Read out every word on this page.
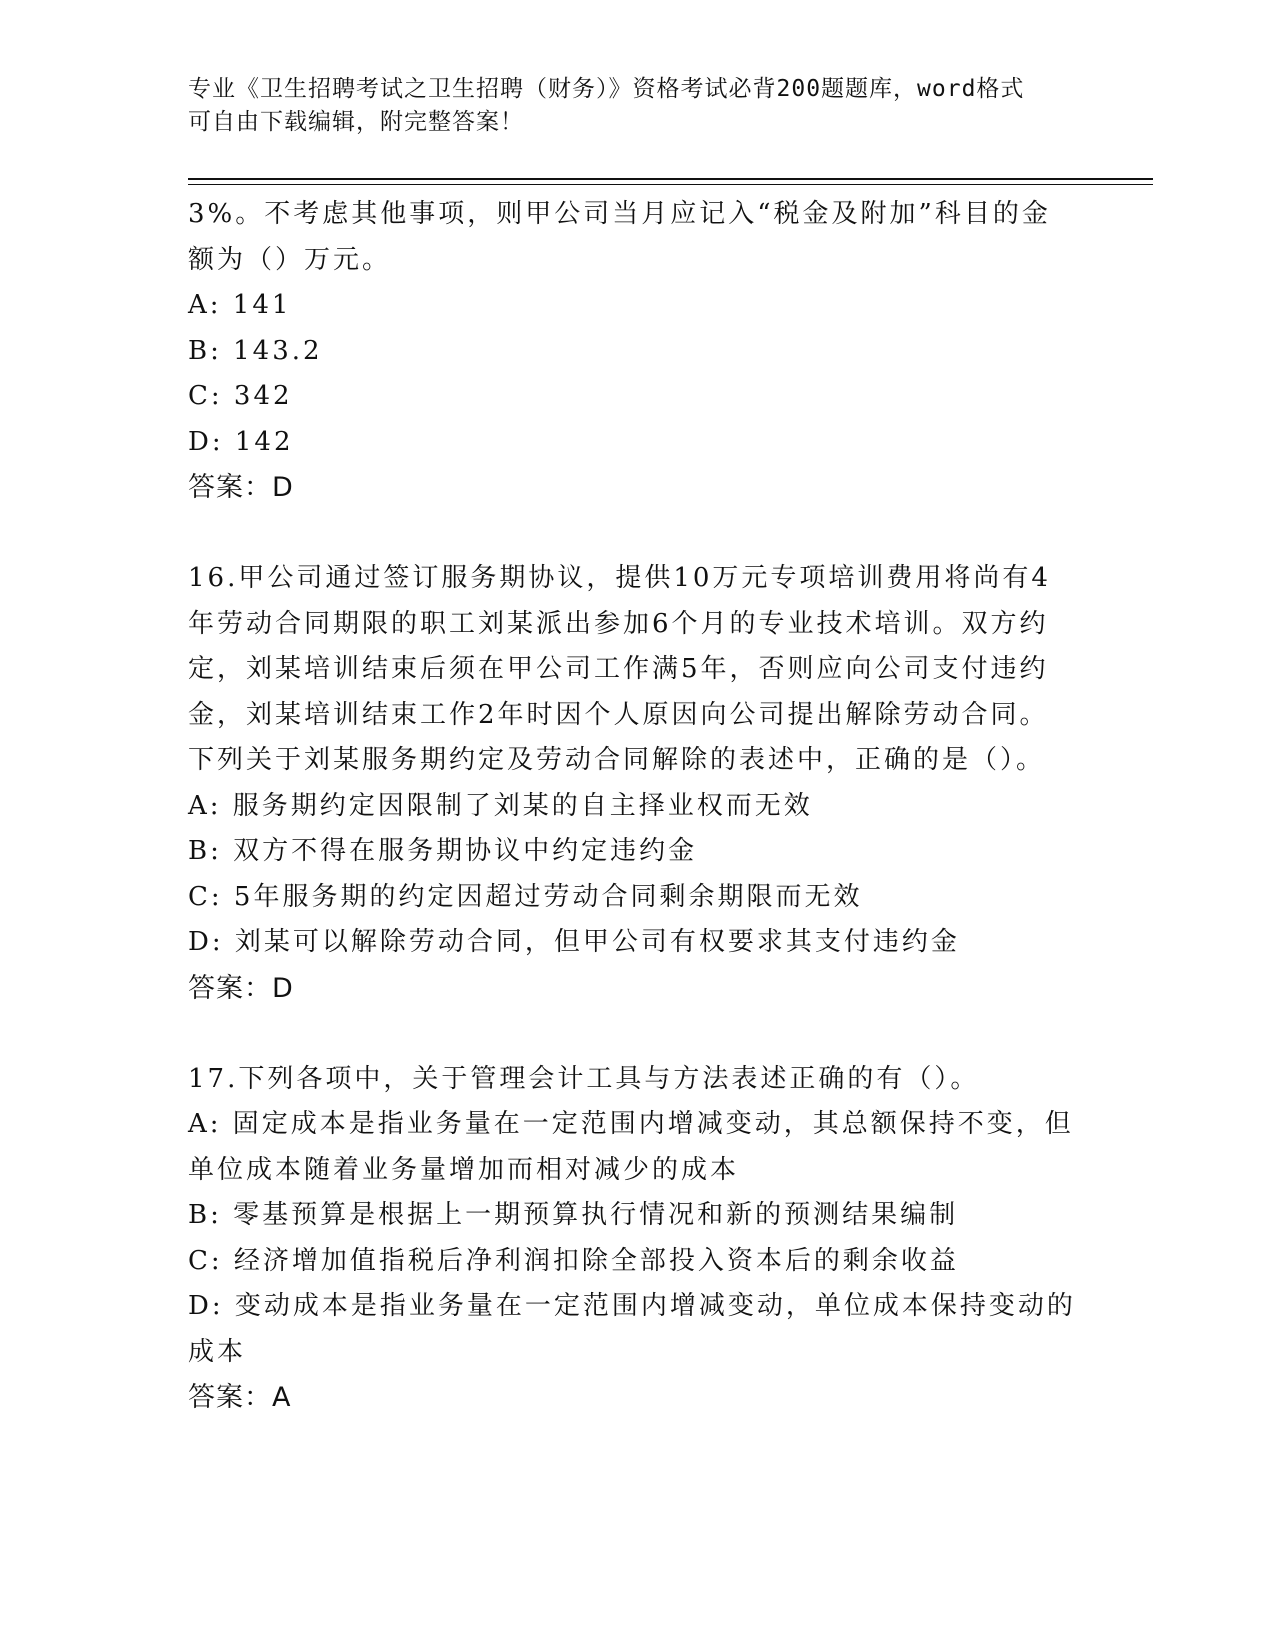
专业《卫生招聘考试之卫生招聘（财务）》资格考试必背200题题库，word格式
可自由下载编辑，附完整答案！
3%。不考虑其他事项，则甲公司当月应记入“税金及附加”科目的金
额为（）万元。
A: 141
B: 143.2
C: 342
D: 142
答案：D
16.甲公司通过签订服务期协议，提供10万元专项培训费用将尚有4
年劳动合同期限的职工刘某派出参加6个月的专业技术培训。双方约
定，刘某培训结束后须在甲公司工作满5年，否则应向公司支付违约
金，刘某培训结束工作2年时因个人原因向公司提出解除劳动合同。
下列关于刘某服务期约定及劳动合同解除的表述中，正确的是（）。
A: 服务期约定因限制了刘某的自主择业权而无效
B: 双方不得在服务期协议中约定违约金
C: 5年服务期的约定因超过劳动合同剩余期限而无效
D: 刘某可以解除劳动合同，但甲公司有权要求其支付违约金
答案：D
17.下列各项中，关于管理会计工具与方法表述正确的有（）。
A: 固定成本是指业务量在一定范围内增减变动，其总额保持不变，但
单位成本随着业务量增加而相对减少的成本
B: 零基预算是根据上一期预算执行情况和新的预测结果编制
C: 经济增加值指税后净利润扣除全部投入资本后的剩余收益
D: 变动成本是指业务量在一定范围内增减变动，单位成本保持变动的
成本
答案：A
